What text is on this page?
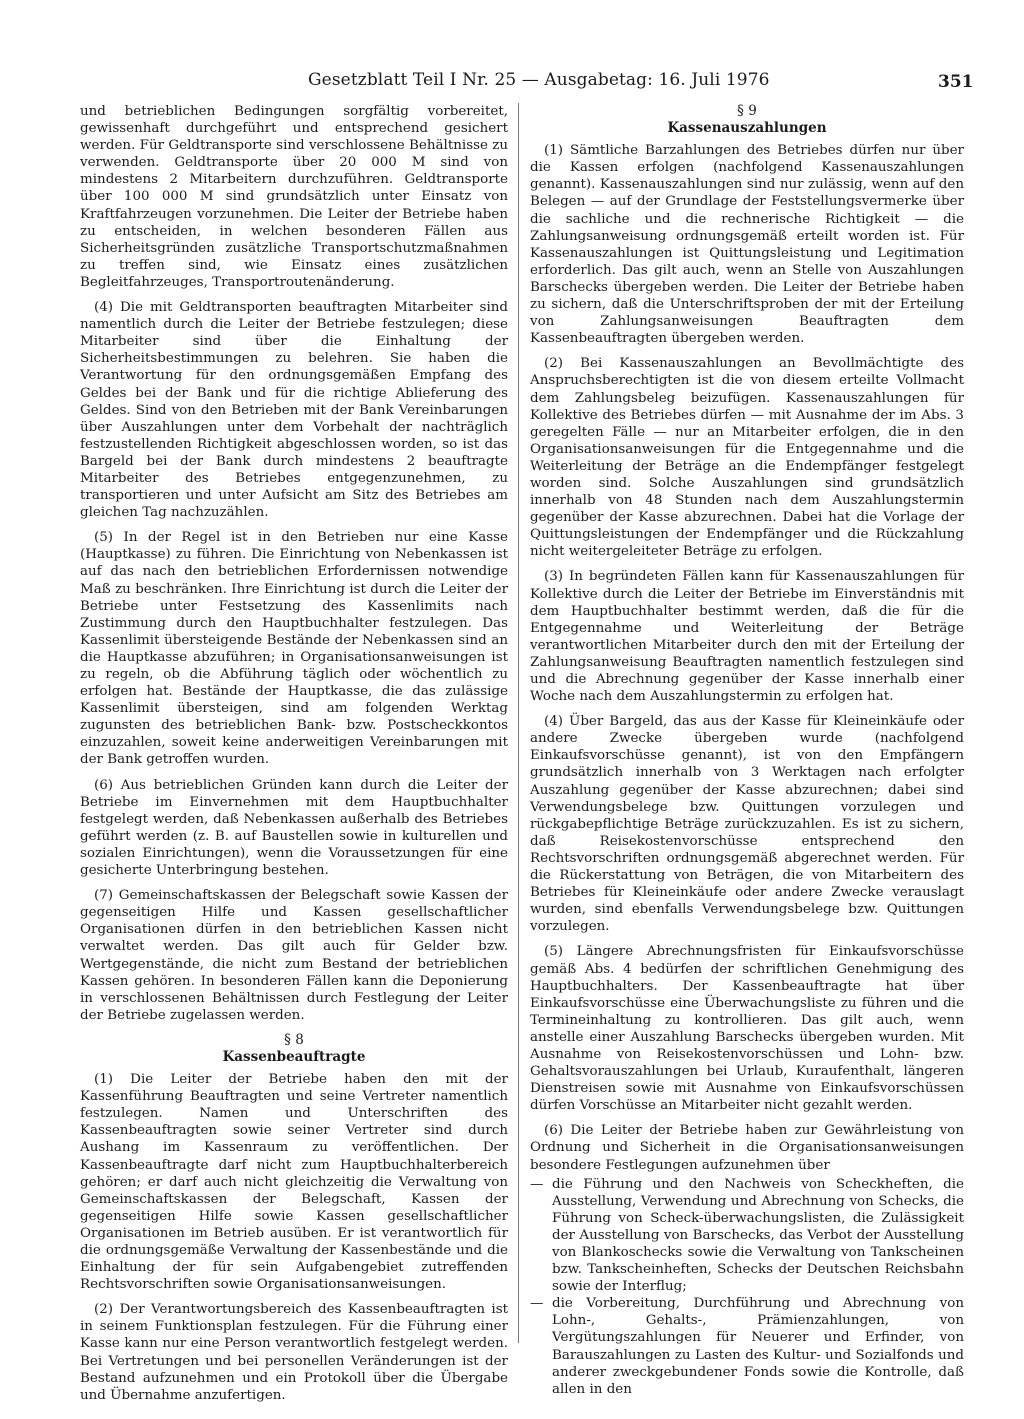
Gesetzblatt Teil I Nr. 25 — Ausgabetag: 16. Juli 1976	351

und betrieblichen Bedingungen sorgfältig vorbereitet, gewissenhaft durchgeführt und entsprechend gesichert werden. Für Geldtransporte sind verschlossene Behältnisse zu verwenden. Geldtransporte über 20 000 M sind von mindestens 2 Mitarbeitern durchzuführen. Geldtransporte über 100 000 M sind grundsätzlich unter Einsatz von Kraftfahrzeugen vorzunehmen. Die Leiter der Betriebe haben zu entscheiden, in welchen besonderen Fällen aus Sicherheitsgründen zusätzliche Transportschutzmaßnahmen zu treffen sind, wie Einsatz eines zusätzlichen Begleitfahrzeuges, Transportroutenänderung.

(4) Die mit Geldtransporten beauftragten Mitarbeiter sind namentlich durch die Leiter der Betriebe festzulegen; diese Mitarbeiter sind über die Einhaltung der Sicherheitsbestimmungen zu belehren. Sie haben die Verantwortung für den ordnungsgemäßen Empfang des Geldes bei der Bank und für die richtige Ablieferung des Geldes. Sind von den Betrieben mit der Bank Vereinbarungen über Auszahlungen unter dem Vorbehalt der nachträglich festzustellenden Richtigkeit abgeschlossen worden, so ist das Bargeld bei der Bank durch mindestens 2 beauftragte Mitarbeiter des Betriebes entgegenzunehmen, zu transportieren und unter Aufsicht am Sitz des Betriebes am gleichen Tag nachzuzählen.

(5) In der Regel ist in den Betrieben nur eine Kasse (Hauptkasse) zu führen. Die Einrichtung von Nebenkassen ist auf das nach den betrieblichen Erfordernissen notwendige Maß zu beschränken. Ihre Einrichtung ist durch die Leiter der Betriebe unter Festsetzung des Kassenlimits nach Zustimmung durch den Hauptbuchhalter festzulegen. Das Kassenlimit übersteigende Bestände der Nebenkassen sind an die Hauptkasse abzuführen; in Organisationsanweisungen ist zu regeln, ob die Abführung täglich oder wöchentlich zu erfolgen hat. Bestände der Hauptkasse, die das zulässige Kassenlimit übersteigen, sind am folgenden Werktag zugunsten des betrieblichen Bank- bzw. Postscheckkontos einzuzahlen, soweit keine anderweitigen Vereinbarungen mit der Bank getroffen wurden.

(6) Aus betrieblichen Gründen kann durch die Leiter der Betriebe im Einvernehmen mit dem Hauptbuchhalter festgelegt werden, daß Nebenkassen außerhalb des Betriebes geführt werden (z. B. auf Baustellen sowie in kulturellen und sozialen Einrichtungen), wenn die Voraussetzungen für eine gesicherte Unterbringung bestehen.

(7) Gemeinschaftskassen der Belegschaft sowie Kassen der gegenseitigen Hilfe und Kassen gesellschaftlicher Organisationen dürfen in den betrieblichen Kassen nicht verwaltet werden. Das gilt auch für Gelder bzw. Wertgegenstände, die nicht zum Bestand der betrieblichen Kassen gehören. In besonderen Fällen kann die Deponierung in verschlossenen Behältnissen durch Festlegung der Leiter der Betriebe zugelassen werden.

§ 8
Kassenbeauftragte

(1) Die Leiter der Betriebe haben den mit der Kassenführung Beauftragten und seine Vertreter namentlich festzulegen. Namen und Unterschriften des Kassenbeauftragten sowie seiner Vertreter sind durch Aushang im Kassenraum zu veröffentlichen. Der Kassenbeauftragte darf nicht zum Hauptbuchhalterbereich gehören; er darf auch nicht gleichzeitig die Verwaltung von Gemeinschaftskassen der Belegschaft, Kassen der gegenseitigen Hilfe sowie Kassen gesellschaftlicher Organisationen im Betrieb ausüben. Er ist verantwortlich für die ordnungsgemäße Verwaltung der Kassenbestände und die Einhaltung der für sein Aufgabengebiet zutreffenden Rechtsvorschriften sowie Organisationsanweisungen.

(2) Der Verantwortungsbereich des Kassenbeauftragten ist in seinem Funktionsplan festzulegen. Für die Führung einer Kasse kann nur eine Person verantwortlich festgelegt werden. Bei Vertretungen und bei personellen Veränderungen ist der Bestand aufzunehmen und ein Protokoll über die Übergabe und Übernahme anzufertigen.

§ 9
Kassenauszahlungen

(1) Sämtliche Barzahlungen des Betriebes dürfen nur über die Kassen erfolgen (nachfolgend Kassenauszahlungen genannt). Kassenauszahlungen sind nur zulässig, wenn auf den Belegen — auf der Grundlage der Feststellungsvermerke über die sachliche und die rechnerische Richtigkeit — die Zahlungsanweisung ordnungsgemäß erteilt worden ist. Für Kassenauszahlungen ist Quittungsleistung und Legitimation erforderlich. Das gilt auch, wenn an Stelle von Auszahlungen Barschecks übergeben werden. Die Leiter der Betriebe haben zu sichern, daß die Unterschriftsproben der mit der Erteilung von Zahlungsanweisungen Beauftragten dem Kassenbeauftragten übergeben werden.

(2) Bei Kassenauszahlungen an Bevollmächtigte des Anspruchsberechtigten ist die von diesem erteilte Vollmacht dem Zahlungsbeleg beizufügen. Kassenauszahlungen für Kollektive des Betriebes dürfen — mit Ausnahme der im Abs. 3 geregelten Fälle — nur an Mitarbeiter erfolgen, die in den Organisationsanweisungen für die Entgegennahme und die Weiterleitung der Beträge an die Endempfänger festgelegt worden sind. Solche Auszahlungen sind grundsätzlich innerhalb von 48 Stunden nach dem Auszahlungstermin gegenüber der Kasse abzurechnen. Dabei hat die Vorlage der Quittungsleistungen der Endempfänger und die Rückzahlung nicht weitergeleiteter Beträge zu erfolgen.

(3) In begründeten Fällen kann für Kassenauszahlungen für Kollektive durch die Leiter der Betriebe im Einverständnis mit dem Hauptbuchhalter bestimmt werden, daß die für die Entgegennahme und Weiterleitung der Beträge verantwortlichen Mitarbeiter durch den mit der Erteilung der Zahlungsanweisung Beauftragten namentlich festzulegen sind und die Abrechnung gegenüber der Kasse innerhalb einer Woche nach dem Auszahlungstermin zu erfolgen hat.

(4) Über Bargeld, das aus der Kasse für Kleineinkäufe oder andere Zwecke übergeben wurde (nachfolgend Einkaufsvorschüsse genannt), ist von den Empfängern grundsätzlich innerhalb von 3 Werktagen nach erfolgter Auszahlung gegenüber der Kasse abzurechnen; dabei sind Verwendungsbelege bzw. Quittungen vorzulegen und rückgabepflichtige Beträge zurückzuzahlen. Es ist zu sichern, daß Reisekostenvorschüsse entsprechend den Rechtsvorschriften ordnungsgemäß abgerechnet werden. Für die Rückerstattung von Beträgen, die von Mitarbeitern des Betriebes für Kleineinkäufe oder andere Zwecke verauslagt wurden, sind ebenfalls Verwendungsbelege bzw. Quittungen vorzulegen.

(5) Längere Abrechnungsfristen für Einkaufsvorschüsse gemäß Abs. 4 bedürfen der schriftlichen Genehmigung des Hauptbuchhalters. Der Kassenbeauftragte hat über Einkaufsvorschüsse eine Überwachungsliste zu führen und die Termineinhaltung zu kontrollieren. Das gilt auch, wenn anstelle einer Auszahlung Barschecks übergeben wurden. Mit Ausnahme von Reisekostenvorschüssen und Lohn- bzw. Gehaltsvorauszahlungen bei Urlaub, Kuraufenthalt, längeren Dienstreisen sowie mit Ausnahme von Einkaufsvorschüssen dürfen Vorschüsse an Mitarbeiter nicht gezahlt werden.

(6) Die Leiter der Betriebe haben zur Gewährleistung von Ordnung und Sicherheit in die Organisationsanweisungen besondere Festlegungen aufzunehmen über

— die Führung und den Nachweis von Scheckheften, die Ausstellung, Verwendung und Abrechnung von Schecks, die Führung von Scheck-überwachungslisten, die Zulässigkeit der Ausstellung von Barschecks, das Verbot der Ausstellung von Blankoschecks sowie die Verwaltung von Tankscheinen bzw. Tankscheinheften, Schecks der Deutschen Reichsbahn sowie der Interflug;
— die Vorbereitung, Durchführung und Abrechnung von Lohn-, Gehalts-, Prämienzahlungen, von Vergütungszahlungen für Neuerer und Erfinder, von Barauszahlungen zu Lasten des Kultur- und Sozialfonds und anderer zweckgebundener Fonds sowie die Kontrolle, daß allen in den
